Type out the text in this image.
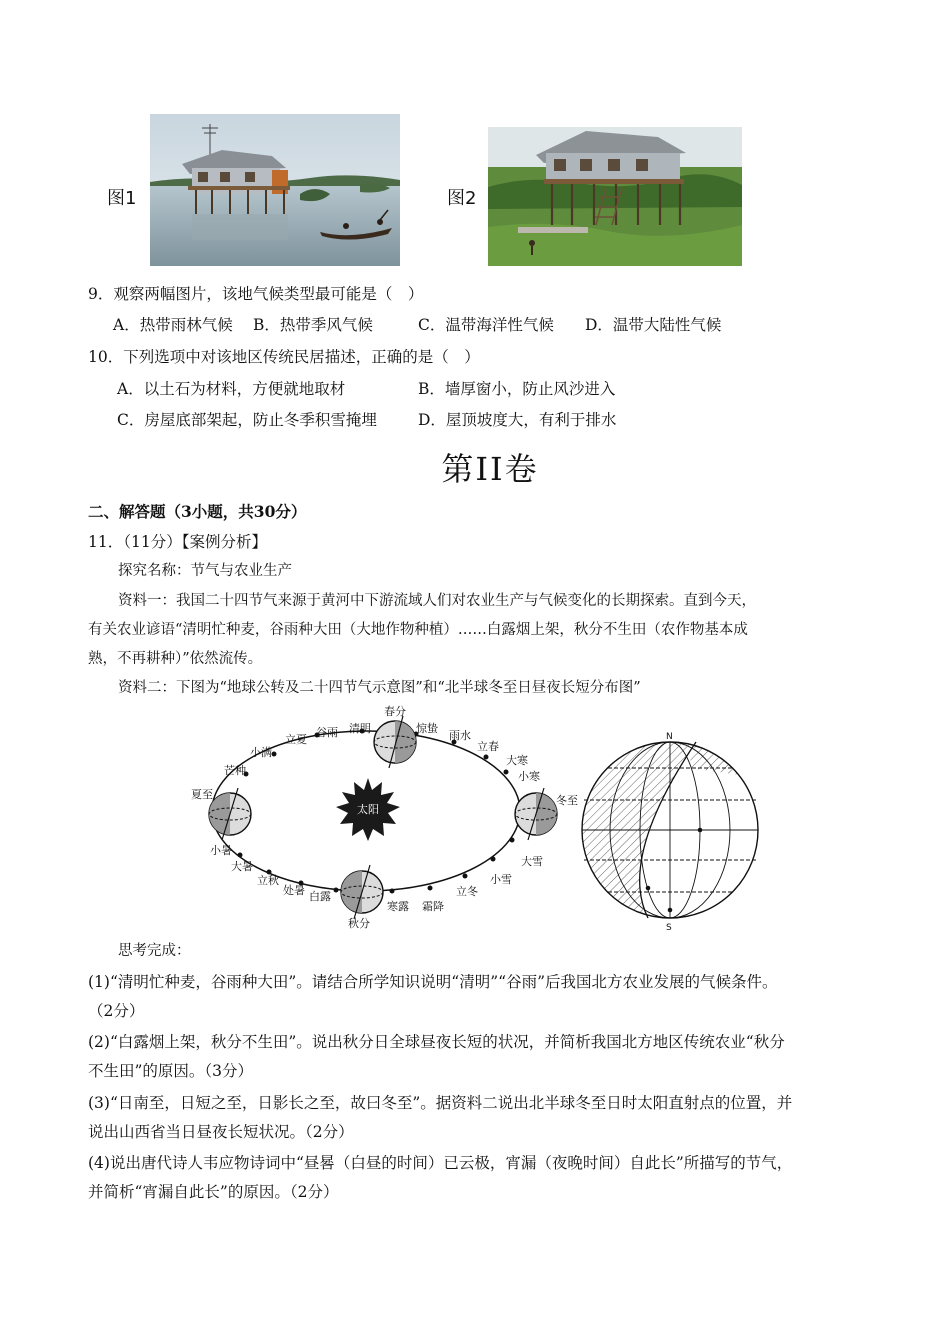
图1	图2
9．观察两幅图片，该地气候类型最可能是（　）
A．热带雨林气候 B．热带季风气候	C．温带海洋性气候 D．温带大陆性气候
10．下列选项中对该地区传统民居描述，正确的是（　）
A．以土石为材料，方便就地取材	B．墙厚窗小，防止风沙进入
C．房屋底部架起，防止冬季积雪掩埋	D．屋顶坡度大，有利于排水
第II卷
二、解答题（3小题，共30分）
11．（11分）【案例分析】
探究名称：节气与农业生产
资料一：我国二十四节气来源于黄河中下游流域人们对农业生产与气候变化的长期探索。直到今天，
有关农业谚语“清明忙种麦，谷雨种大田（大地作物种植）……白露烟上架，秋分不生田（农作物基本成
熟，不再耕种）”依然流传。
资料二：下图为“地球公转及二十四节气示意图”和“北半球冬至日昼夜长短分布图”
太阳
春分
惊蛰
雨水
立春
大寒
小寒
冬至
大雪
小雪
立冬
霜降
寒露
秋分
白露
处暑
立秋
大暑
小暑
夏至
芒种
小满
立夏
谷雨 清明
N
S
思考完成：
(1)“清明忙种麦，谷雨种大田”。请结合所学知识说明“清明”“谷雨”后我国北方农业发展的气候条件。
（2分）
(2)“白露烟上架，秋分不生田”。说出秋分日全球昼夜长短的状况，并简析我国北方地区传统农业“秋分
不生田”的原因。（3分）
(3)“日南至，日短之至，日影长之至，故曰冬至”。据资料二说出北半球冬至日时太阳直射点的位置，并
说出山西省当日昼夜长短状况。（2分）
(4)说出唐代诗人韦应物诗词中“昼晷（白昼的时间）已云极，宵漏（夜晚时间）自此长”所描写的节气，
并简析“宵漏自此长”的原因。（2分）
